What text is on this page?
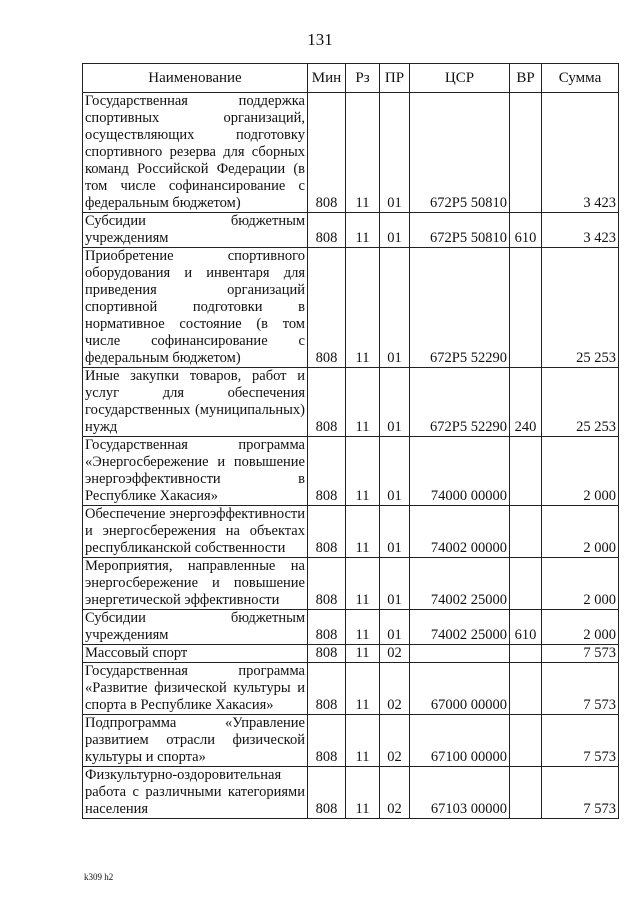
131
Наименование	Мин	Рз	ПР	ЦСР	ВР	Сумма
Государственная поддержка спортивных организаций, осуществляющих подготовку спортивного резерва для сборных команд Российской Федерации (в том числе софинансирование с федеральным бюджетом)	808	11	01	672P5 50810		3 423
Субсидии бюджетным учреждениям	808	11	01	672P5 50810	610	3 423
Приобретение спортивного оборудования и инвентаря для приведения организаций спортивной подготовки в нормативное состояние (в том числе софинансирование с федеральным бюджетом)	808	11	01	672P5 52290		25 253
Иные закупки товаров, работ и услуг для обеспечения государственных (муниципальных) нужд	808	11	01	672P5 52290	240	25 253
Государственная программа «Энергосбережение и повышение энергоэффективности в Республике Хакасия»	808	11	01	74000 00000		2 000
Обеспечение энергоэффективности и энергосбережения на объектах республиканской собственности	808	11	01	74002 00000		2 000
Мероприятия, направленные на энергосбережение и повышение энергетической эффективности	808	11	01	74002 25000		2 000
Субсидии бюджетным учреждениям	808	11	01	74002 25000	610	2 000
Массовый спорт	808	11	02			7 573
Государственная программа «Развитие физической культуры и спорта в Республике Хакасия»	808	11	02	67000 00000		7 573
Подпрограмма «Управление развитием отрасли физической культуры и спорта»	808	11	02	67100 00000		7 573
Физкультурно-оздоровительная работа с различными категориями населения	808	11	02	67103 00000		7 573
k309 h2
